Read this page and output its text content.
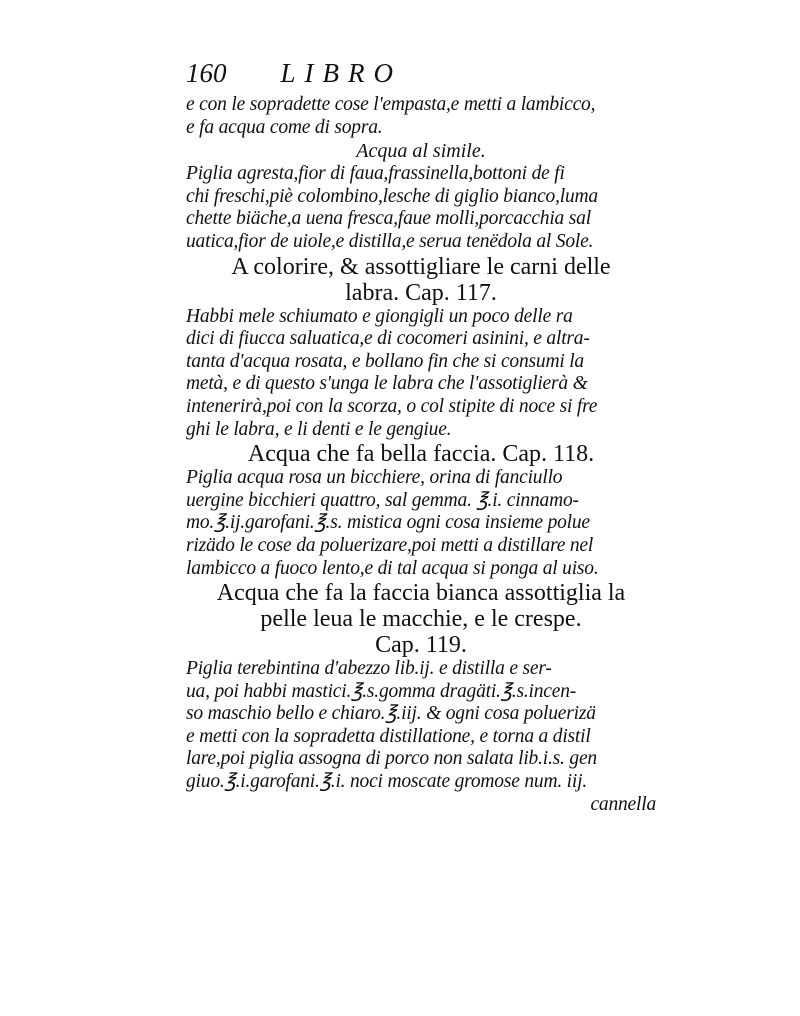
160 LIBRO
e con le sopradette cose l'empasta,e metti a lambicco,
e fa acqua come di sopra.
Acqua al simile.
Piglia agresta,fior di faua,frassinella,bottoni de fi
chi freschi,piè colombino,lesche di giglio bianco,luma
chette biäche,a uena fresca,faue molli,porcacchia sal
uatica,fior de uiole,e distilla,e serua tenëdola al Sole.
A colorire, & assottigliare le carni delle
labra. Cap. 117.
Habbi mele schiumato e giongigli un poco delle ra
dici di fiucca saluatica,e di cocomeri asinini, e altra-
tanta d'acqua rosata, e bollano fin che si consumi la
metà, e di questo s'unga le labra che l'assotiglierà &
intenerirà,poi con la scorza, o col stipite di noce si fre
ghi le labra, e li denti e le gengiue.
Acqua che fa bella faccia. Cap. 118.
Piglia acqua rosa un bicchiere, orina di fanciullo
uergine bicchieri quattro, sal gemma. ℥.i. cinnamo-
mo.℥.ij.garofani.℥.s. mistica ogni cosa insieme polue
rizädo le cose da poluerizare,poi metti a distillare nel
lambicco a fuoco lento,e di tal acqua si ponga al uiso.
Acqua che fa la faccia bianca assottiglia la
pelle leua le macchie, e le crespe.
Cap. 119.
Piglia terebintina d'abezzo lib.ij. e distilla e ser-
ua, poi habbi mastici.℥.s.gomma dragäti.℥.s.incen-
so maschio bello e chiaro.℥.iij. & ogni cosa poluerizä
e metti con la sopradetta distillatione, e torna a distil
lare,poi piglia assogna di porco non salata lib.i.s. gen
giuo.℥.i.garofani.℥.i. noci moscate gromose num. iij.
cannella
